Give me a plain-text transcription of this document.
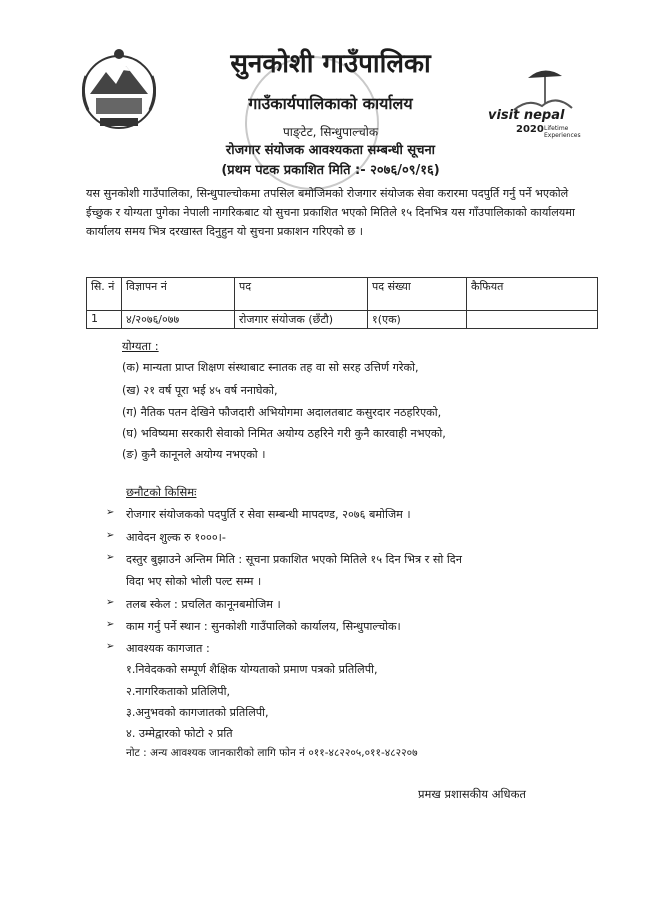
visit nepal
2020 Lifetime Experiences
सुनकोशी गाउँपालिका
गाउँकार्यपालिकाको कार्यालय
पाङ्टेट, सिन्धुपाल्चोक
रोजगार संयोजक आवश्यकता सम्बन्धी सूचना
(प्रथम पटक प्रकाशित मिति :- २०७६/०९/१६)
यस सुनकोशी गाउँपालिका, सिन्धुपाल्चोकमा तपसिल बमोजिमको रोजगार संयोजक सेवा करारमा पदपुर्ति गर्नु पर्ने भएकोले ईच्छुक र योग्यता पुगेका नेपाली नागरिकबाट यो सुचना प्रकाशित भएको मितिले १५ दिनभित्र यस गाँउपालिकाको कार्यालयमा कार्यालय समय भित्र दरखास्त दिनुहुन यो सुचना प्रकाशन गरिएको छ ।
सि. नं	विज्ञापन नं	पद	पद संख्या	कैफियत
1	४/२०७६/०७७	रोजगार संयोजक (छँटौ)	१(एक)	
योग्यता :
(क) मान्यता प्राप्त शिक्षण संस्थाबाट स्नातक तह वा सो सरह उत्तिर्ण गरेको,
(ख) २१ वर्ष पूरा भई ४५ वर्ष ननाघेको,
(ग) नैतिक पतन देखिने फौजदारी अभियोगमा अदालतबाट कसुरदार नठहरिएको,
(घ) भविष्यमा सरकारी सेवाको निमित अयोग्य ठहरिने गरी कुनै कारवाही नभएको,
(ङ) कुनै कानूनले अयोग्य नभएको ।
छनौटको किसिमः
➢ रोजगार संयोजकको पदपुर्ति र सेवा सम्बन्धी मापदण्ड, २०७६ बमोजिम ।
➢ आवेदन शुल्क रु १०००।-
➢ दस्तुर बुझाउने अन्तिम मिति : सूचना प्रकाशित भएको मितिले १५ दिन भित्र र सो दिन
विदा भए सोको भोली पल्ट सम्म ।
➢ तलब स्केल : प्रचलित कानूनबमोजिम ।
➢ काम गर्नु पर्ने स्थान : सुनकोशी गाउँपालिको कार्यालय, सिन्धुपाल्चोक।
➢ आवश्यक कागजात :
१.निवेदकको सम्पूर्ण शैक्षिक योग्यताको प्रमाण पत्रको प्रतिलिपी,
२.नागरिकताको प्रतिलिपी,
३.अनुभवको कागजातको प्रतिलिपी,
४. उम्मेद्वारको फोटो २ प्रति
नोट : अन्य आवश्यक जानकारीको लागि फोन नं ०११-४८२२०५,०११-४८२२०७
प्रमख प्रशासकीय अधिकत
